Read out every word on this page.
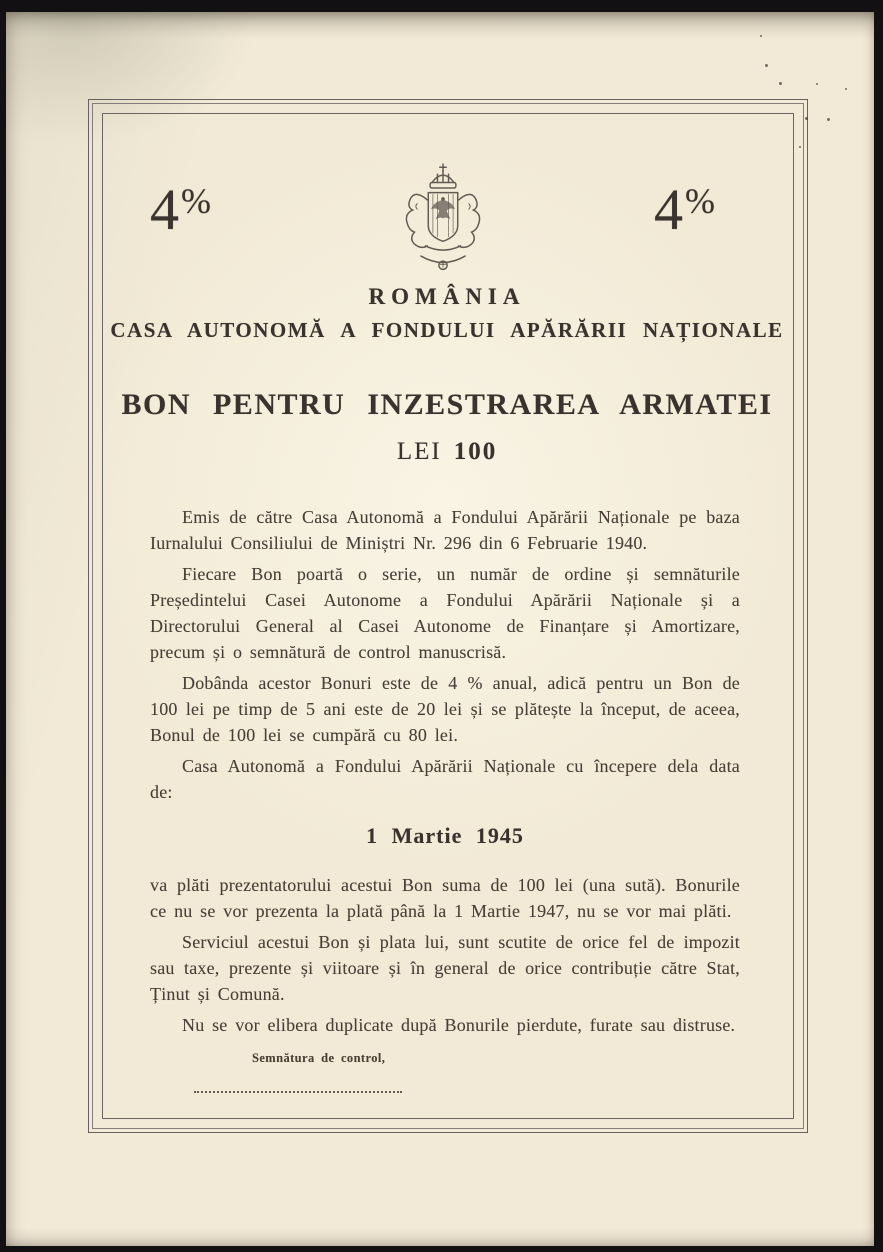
4%	4%
ROMÂNIA
CASA AUTONOMĂ A FONDULUI APĂRĂRII NAȚIONALE
BON PENTRU INZESTRAREA ARMATEI
LEI 100

Emis de către Casa Autonomă a Fondului Apărării Naționale pe baza Iurnalului Consiliului de Miniștri Nr. 296 din 6 Februarie 1940.

Fiecare Bon poartă o serie, un număr de ordine și semnăturile Președintelui Casei Autonome a Fondului Apărării Naționale și a Directorului General al Casei Autonome de Finanțare și Amortizare, precum și o semnătură de control manuscrisă.

Dobânda acestor Bonuri este de 4 % anual, adică pentru un Bon de 100 lei pe timp de 5 ani este de 20 lei și se plătește la început, de aceea, Bonul de 100 lei se cumpără cu 80 lei.

Casa Autonomă a Fondului Apărării Naționale cu începere dela data de:

1 Martie 1945

va plăti prezentatorului acestui Bon suma de 100 lei (una sută). Bonurile ce nu se vor prezenta la plată până la 1 Martie 1947, nu se vor mai plăti.

Serviciul acestui Bon și plata lui, sunt scutite de orice fel de impozit sau taxe, prezente și viitoare și în general de orice contribuție către Stat, Ținut și Comună.

Nu se vor elibera duplicate după Bonurile pierdute, furate sau distruse.

Semnătura de control,
